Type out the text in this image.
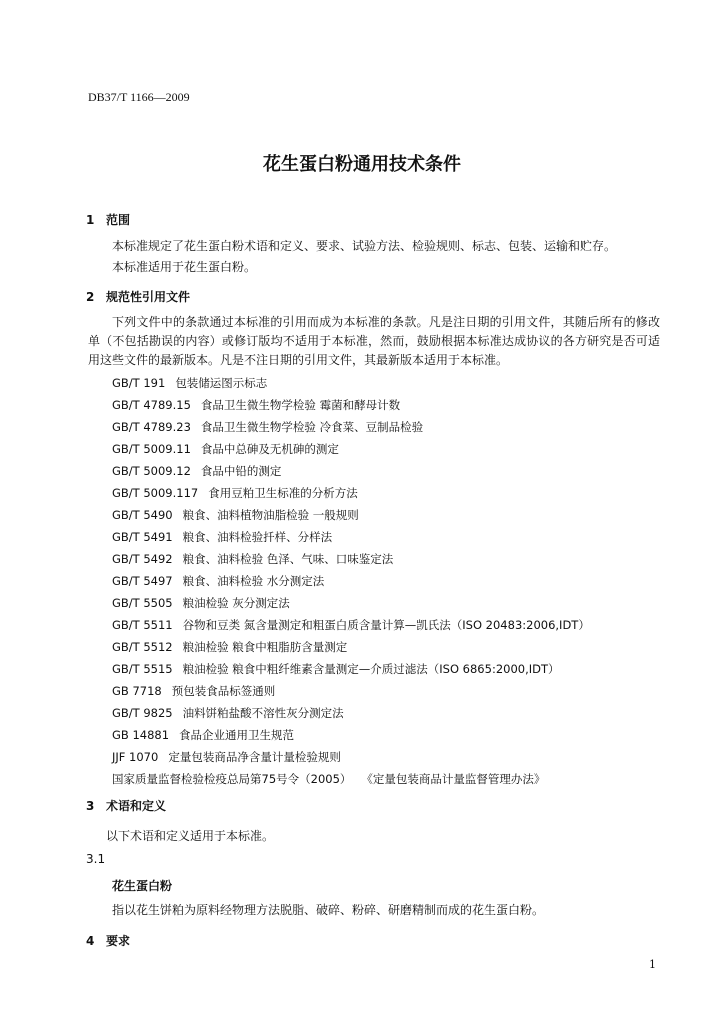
DB37/T 1166—2009
花生蛋白粉通用技术条件
1 范围
本标准规定了花生蛋白粉术语和定义、要求、试验方法、检验规则、标志、包装、运输和贮存。
本标准适用于花生蛋白粉。
2 规范性引用文件
下列文件中的条款通过本标准的引用而成为本标准的条款。凡是注日期的引用文件，其随后所有的修改单（不包括勘误的内容）或修订版均不适用于本标准，然而，鼓励根据本标准达成协议的各方研究是否可适用这些文件的最新版本。凡是不注日期的引用文件，其最新版本适用于本标准。
GB/T 191 包装储运图示标志
GB/T 4789.15 食品卫生微生物学检验 霉菌和酵母计数
GB/T 4789.23 食品卫生微生物学检验 冷食菜、豆制品检验
GB/T 5009.11 食品中总砷及无机砷的测定
GB/T 5009.12 食品中铅的测定
GB/T 5009.117 食用豆粕卫生标准的分析方法
GB/T 5490 粮食、油料植物油脂检验 一般规则
GB/T 5491 粮食、油料检验扦样、分样法
GB/T 5492 粮食、油料检验 色泽、气味、口味鉴定法
GB/T 5497 粮食、油料检验 水分测定法
GB/T 5505 粮油检验 灰分测定法
GB/T 5511 谷物和豆类 氮含量测定和粗蛋白质含量计算—凯氏法（ISO 20483:2006,IDT）
GB/T 5512 粮油检验 粮食中粗脂肪含量测定
GB/T 5515 粮油检验 粮食中粗纤维素含量测定—介质过滤法（ISO 6865:2000,IDT）
GB 7718 预包装食品标签通则
GB/T 9825 油料饼粕盐酸不溶性灰分测定法
GB 14881 食品企业通用卫生规范
JJF 1070 定量包装商品净含量计量检验规则
国家质量监督检验检疫总局第75号令（2005） 《定量包装商品计量监督管理办法》
3 术语和定义
以下术语和定义适用于本标准。
3.1
花生蛋白粉
指以花生饼粕为原料经物理方法脱脂、破碎、粉碎、研磨精制而成的花生蛋白粉。
4 要求
1
